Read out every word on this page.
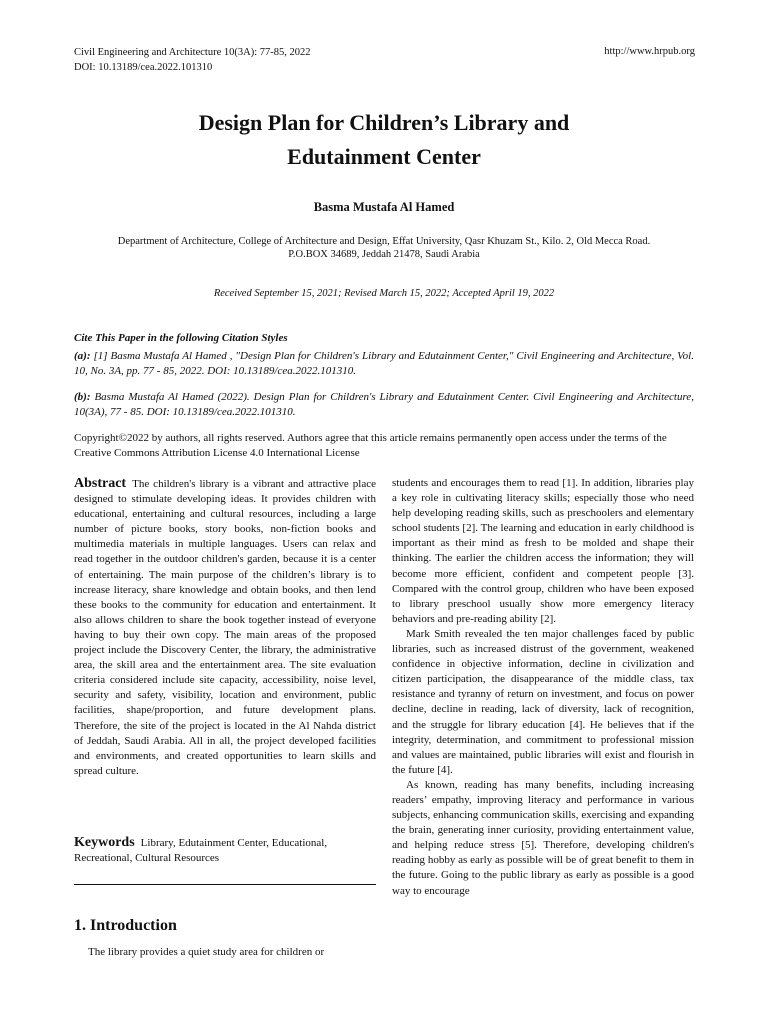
Civil Engineering and Architecture 10(3A): 77-85, 2022
DOI: 10.13189/cea.2022.101310
http://www.hrpub.org
Design Plan for Children’s Library and
Edutainment Center
Basma Mustafa Al Hamed
Department of Architecture, College of Architecture and Design, Effat University, Qasr Khuzam St., Kilo. 2, Old Mecca Road.
P.O.BOX 34689, Jeddah 21478, Saudi Arabia
Received September 15, 2021; Revised March 15, 2022; Accepted April 19, 2022
Cite This Paper in the following Citation Styles
(a): [1] Basma Mustafa Al Hamed , "Design Plan for Children's Library and Edutainment Center," Civil Engineering and Architecture, Vol. 10, No. 3A, pp. 77 - 85, 2022. DOI: 10.13189/cea.2022.101310.
(b): Basma Mustafa Al Hamed (2022). Design Plan for Children's Library and Edutainment Center. Civil Engineering and Architecture, 10(3A), 77 - 85. DOI: 10.13189/cea.2022.101310.
Copyright©2022 by authors, all rights reserved. Authors agree that this article remains permanently open access under the terms of the Creative Commons Attribution License 4.0 International License

Abstract The children's library is a vibrant and attractive place designed to stimulate developing ideas. It provides children with educational, entertaining and cultural resources, including a large number of picture books, story books, non-fiction books and multimedia materials in multiple languages. Users can relax and read together in the outdoor children's garden, because it is a center of entertaining. The main purpose of the children’s library is to increase literacy, share knowledge and obtain books, and then lend these books to the community for education and entertainment. It also allows children to share the book together instead of everyone having to buy their own copy. The main areas of the proposed project include the Discovery Center, the library, the administrative area, the skill area and the entertainment area. The site evaluation criteria considered include site capacity, accessibility, noise level, security and safety, visibility, location and environment, public facilities, shape/proportion, and future development plans. Therefore, the site of the project is located in the Al Nahda district of Jeddah, Saudi Arabia. All in all, the project developed facilities and environments, and created opportunities to learn skills and spread culture.

Keywords Library, Edutainment Center, Educational, Recreational, Cultural Resources
1. Introduction
The library provides a quiet study area for children or

students and encourages them to read [1]. In addition, libraries play a key role in cultivating literacy skills; especially those who need help developing reading skills, such as preschoolers and elementary school students [2]. The learning and education in early childhood is important as their mind as fresh to be molded and shape their thinking. The earlier the children access the information; they will become more efficient, confident and competent people [3]. Compared with the control group, children who have been exposed to library preschool usually show more emergency literacy behaviors and pre-reading ability [2].

Mark Smith revealed the ten major challenges faced by public libraries, such as increased distrust of the government, weakened confidence in objective information, decline in civilization and citizen participation, the disappearance of the middle class, tax resistance and tyranny of return on investment, and focus on power decline, decline in reading, lack of diversity, lack of recognition, and the struggle for library education [4]. He believes that if the integrity, determination, and commitment to professional mission and values are maintained, public libraries will exist and flourish in the future [4].

As known, reading has many benefits, including increasing readers’ empathy, improving literacy and performance in various subjects, enhancing communication skills, exercising and expanding the brain, generating inner curiosity, providing entertainment value, and helping reduce stress [5]. Therefore, developing children's reading hobby as early as possible will be of great benefit to them in the future. Going to the public library as early as possible is a good way to encourage
